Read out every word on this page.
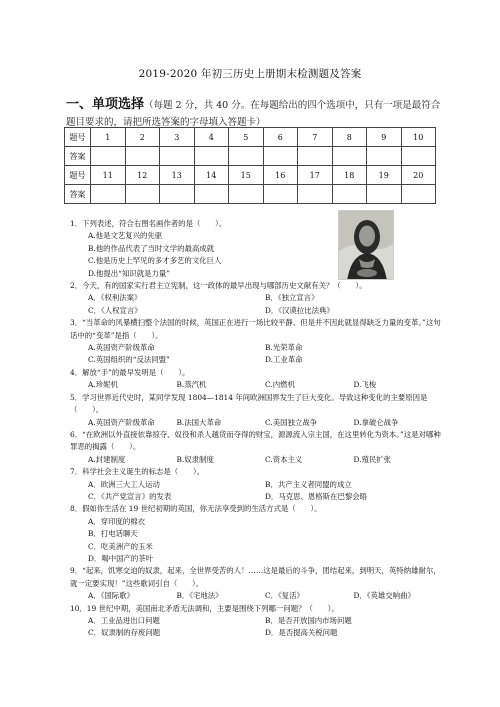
2019-2020 年初三历史上册期末检测题及答案
一、单项选择（每题 2 分，共 40 分。在每题给出的四个选项中，只有一项是最符合题目要求的，请把所选答案的字母填入答题卡）
题号	1	2	3	4	5	6	7	8	9	10
答案										
题号	11	12	13	14	15	16	17	18	19	20
答案										
1．下列表述，符合右图名画作者的是（　　）。
A.他是文艺复兴的先驱
B.他的作品代表了当时文学的最高成就
C.他是历史上罕见的多才多艺的文化巨人
D.他提出“知识就是力量”
2．今天，有的国家实行君主立宪制，这一政体的最早出现与哪部历史文献有关？（　　）。
A．《权利法案》	B．《独立宣言》
C．《人权宣言》	D．《汉谟拉比法典》
3．“当革命的风暴横扫整个法国的时候，英国正在进行一场比较平静、但是并不因此就显得缺乏力量的变革。”这句话中的“变革”是指（　　）。
A.英国资产阶级革命	B.光荣革命
C.英国组织的“反法同盟”	D.工业革命
4．解放“手”的最早发明是（　　）。
A.珍妮机	B.蒸汽机	C.内燃机	D.飞梭
5．学习世界近代史时，某同学发现 1804—1814 年间欧洲国界发生了巨大变化。导致这种变化的主要原因是（　　）。
A.英国资产阶级革命	B.法国大革命	C.美国独立战争	D.拿破仑战争
6．“在欧洲以外直接依靠掠夺、奴役和杀人越货而夺得的财宝，源源流入宗主国，在这里转化为资本。”这是对哪种罪恶的揭露（　　）。
A.封建制度	B.奴隶制度	C.资本主义	D.殖民扩张
7．科学社会主义诞生的标志是（　　）。
A．欧洲三大工人运动	B．共产主义者同盟的成立
C．《共产党宣言》的发表	D．马克思、恩格斯在巴黎会晤
8．假如你生活在 19 世纪初期的英国，你无法享受到的生活方式是（　　）。
A．穿印度的棉衣
B．打电话聊天
C．吃美洲产的玉米
D．喝中国产的茶叶
9．“起来，饥寒交迫的奴隶，起来，全世界受苦的人！……这是最后的斗争，团结起来，到明天，英特纳雄耐尔，就一定要实现！”这些歌词引自（　　）。
A．《国际歌》	B．《宅地法》	C．《复活》	D．《英雄交响曲》
10．19 世纪中期，美国南北矛盾无法调和，主要是围绕下列哪一问题？（　　）。
A．工业品进出口问题	B．是否开放国内市场问题
C．奴隶制的存废问题	D．是否提高关税问题
